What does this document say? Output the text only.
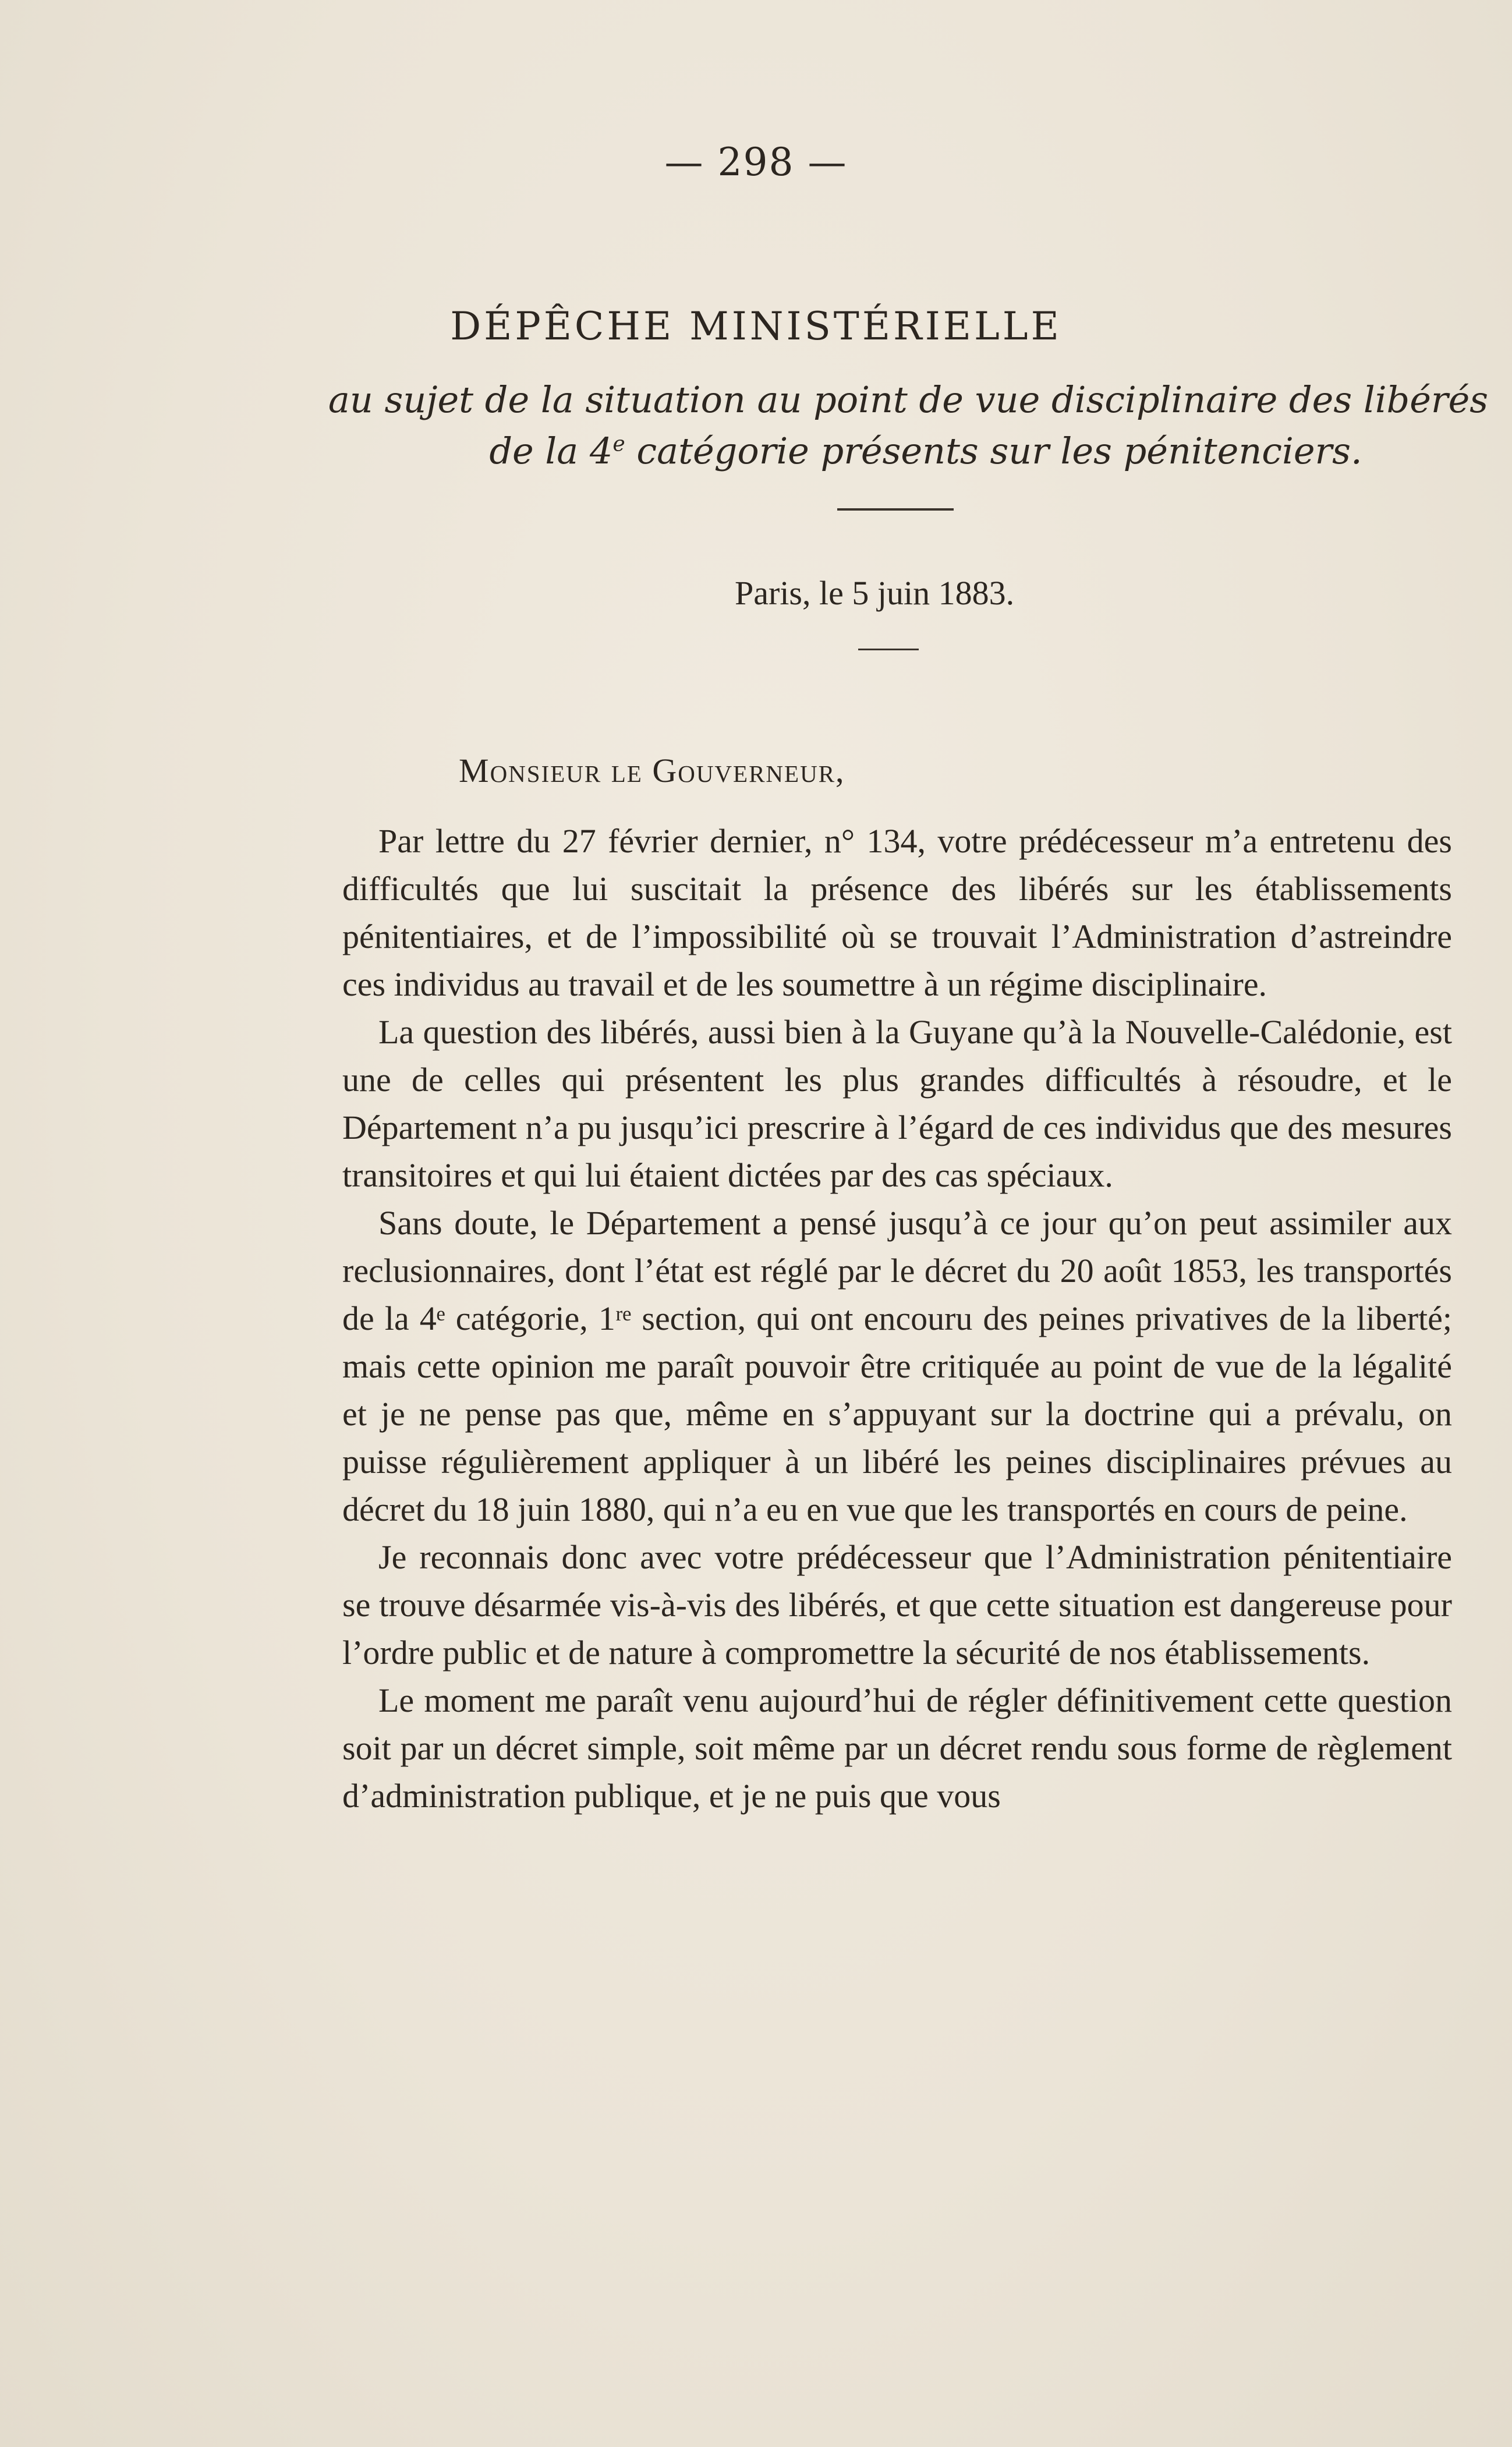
— 298 —
DÉPÊCHE MINISTÉRIELLE
au sujet de la situation au point de vue disciplinaire des libérés
de la 4e catégorie présents sur les pénitenciers.
Paris, le 5 juin 1883.
Monsieur le Gouverneur,

Par lettre du 27 février dernier, n° 134, votre prédécesseur m’a entretenu des difficultés que lui suscitait la présence des libérés sur les établissements pénitentiaires, et de l’impossibilité où se trouvait l’Administration d’astreindre ces individus au travail et de les soumettre à un régime disciplinaire.

La question des libérés, aussi bien à la Guyane qu’à la Nouvelle-Calédonie, est une de celles qui présentent les plus grandes difficultés à résoudre, et le Département n’a pu jusqu’ici prescrire à l’égard de ces individus que des mesures transitoires et qui lui étaient dictées par des cas spéciaux.

Sans doute, le Département a pensé jusqu’à ce jour qu’on peut assimiler aux reclusionnaires, dont l’état est réglé par le décret du 20 août 1853, les transportés de la 4ᵉ catégorie, 1ʳᵉ section, qui ont encouru des peines privatives de la liberté; mais cette opinion me paraît pouvoir être critiquée au point de vue de la légalité et je ne pense pas que, même en s’appuyant sur la doctrine qui a prévalu, on puisse régulièrement appliquer à un libéré les peines disciplinaires prévues au décret du 18 juin 1880, qui n’a eu en vue que les transportés en cours de peine.

Je reconnais donc avec votre prédécesseur que l’Administration pénitentiaire se trouve désarmée vis-à-vis des libérés, et que cette situation est dangereuse pour l’ordre public et de nature à compromettre la sécurité de nos établissements.

Le moment me paraît venu aujourd’hui de régler définitivement cette question soit par un décret simple, soit même par un décret rendu sous forme de règlement d’administration publique, et je ne puis que vous
